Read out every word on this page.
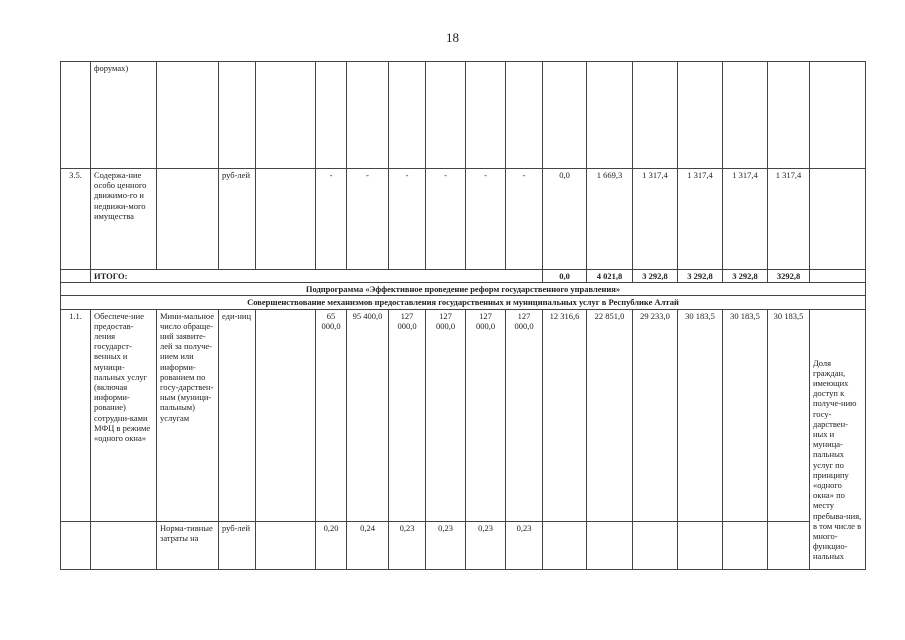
18
	форумах)																
3.5.	Содержа-ние особо ценного движимо-го и недвижи-мого имущества		руб-лей		-	-	-	-	-	-	0,0	1 669,3	1 317,4	1 317,4	1 317,4	1 317,4	
	ИТОГО:										0,0	4 021,8	3 292,8	3 292,8	3 292,8	3292,8	
Подпрограмма «Эффективное проведение реформ государственного управления»																	
Совершенствование механизмов предоставления государственных и муниципальных услуг в Республике Алтай																	
1.1.	Обеспече-ние предостав-ления государст-венных и муници-пальных услуг (включая информи-рование) сотрудни-ками МФЦ в режиме «одного окна»	Мини-мальное число обраще-ний заявите-лей за получе-нием или информи-рованием по госу-дарствен-ным (муници-пальным) услугам	еди-ниц		65 000,0	95 400,0	127 000,0	127 000,0	127 000,0	127 000,0	12 316,6	22 851,0	29 233,0	30 183,5	30 183,5	30 183,5	Доля граждан, имеющих доступ к получе-нию госу-дарствен-ных и муница-пальных услуг по принципу «одного окна» по месту пребыва-ния, в том числе в много-функцио-нальных
		Норма-тивные затраты на	руб-лей		0,20	0,24	0,23	0,23	0,23	0,23							
